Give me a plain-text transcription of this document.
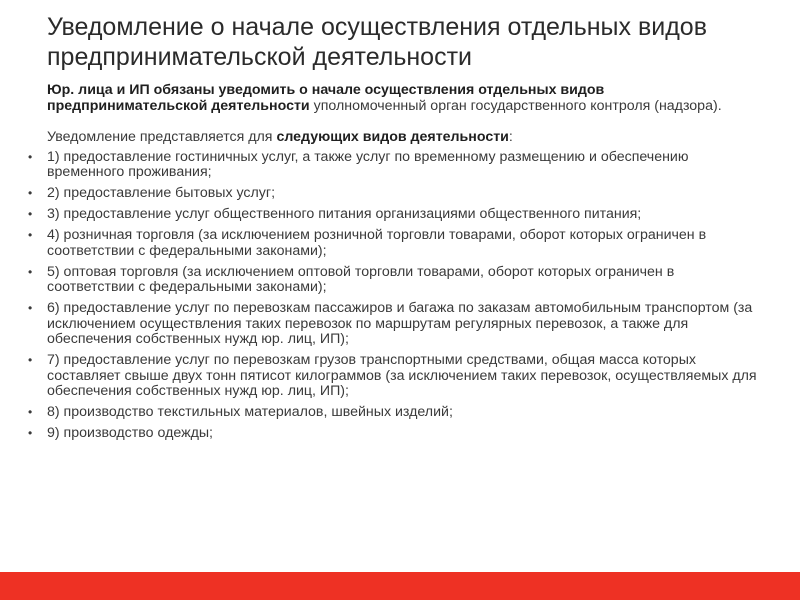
Уведомление о начале осуществления отдельных видов предпринимательской деятельности

Юр. лица и ИП обязаны уведомить о начале осуществления отдельных видов предпринимательской деятельности уполномоченный орган государственного контроля (надзора).

Уведомление представляется для следующих видов деятельности:

•	1) предоставление гостиничных услуг, а также услуг по временному размещению и обеспечению временного проживания;
•	2) предоставление бытовых услуг;
•	3) предоставление услуг общественного питания организациями общественного питания;
•	4) розничная торговля (за исключением розничной торговли товарами, оборот которых ограничен в соответствии с федеральными законами);
•	5) оптовая торговля (за исключением оптовой торговли товарами, оборот которых ограничен в соответствии с федеральными законами);
•	6) предоставление услуг по перевозкам пассажиров и багажа по заказам автомобильным транспортом (за исключением осуществления таких перевозок по маршрутам регулярных перевозок, а также для обеспечения собственных нужд юр. лиц, ИП);
•	7) предоставление услуг по перевозкам грузов транспортными средствами, общая масса которых составляет свыше двух тонн пятисот килограммов (за исключением таких перевозок, осуществляемых для обеспечения собственных нужд юр. лиц, ИП);
•	8) производство текстильных материалов, швейных изделий;
•	9) производство одежды;
